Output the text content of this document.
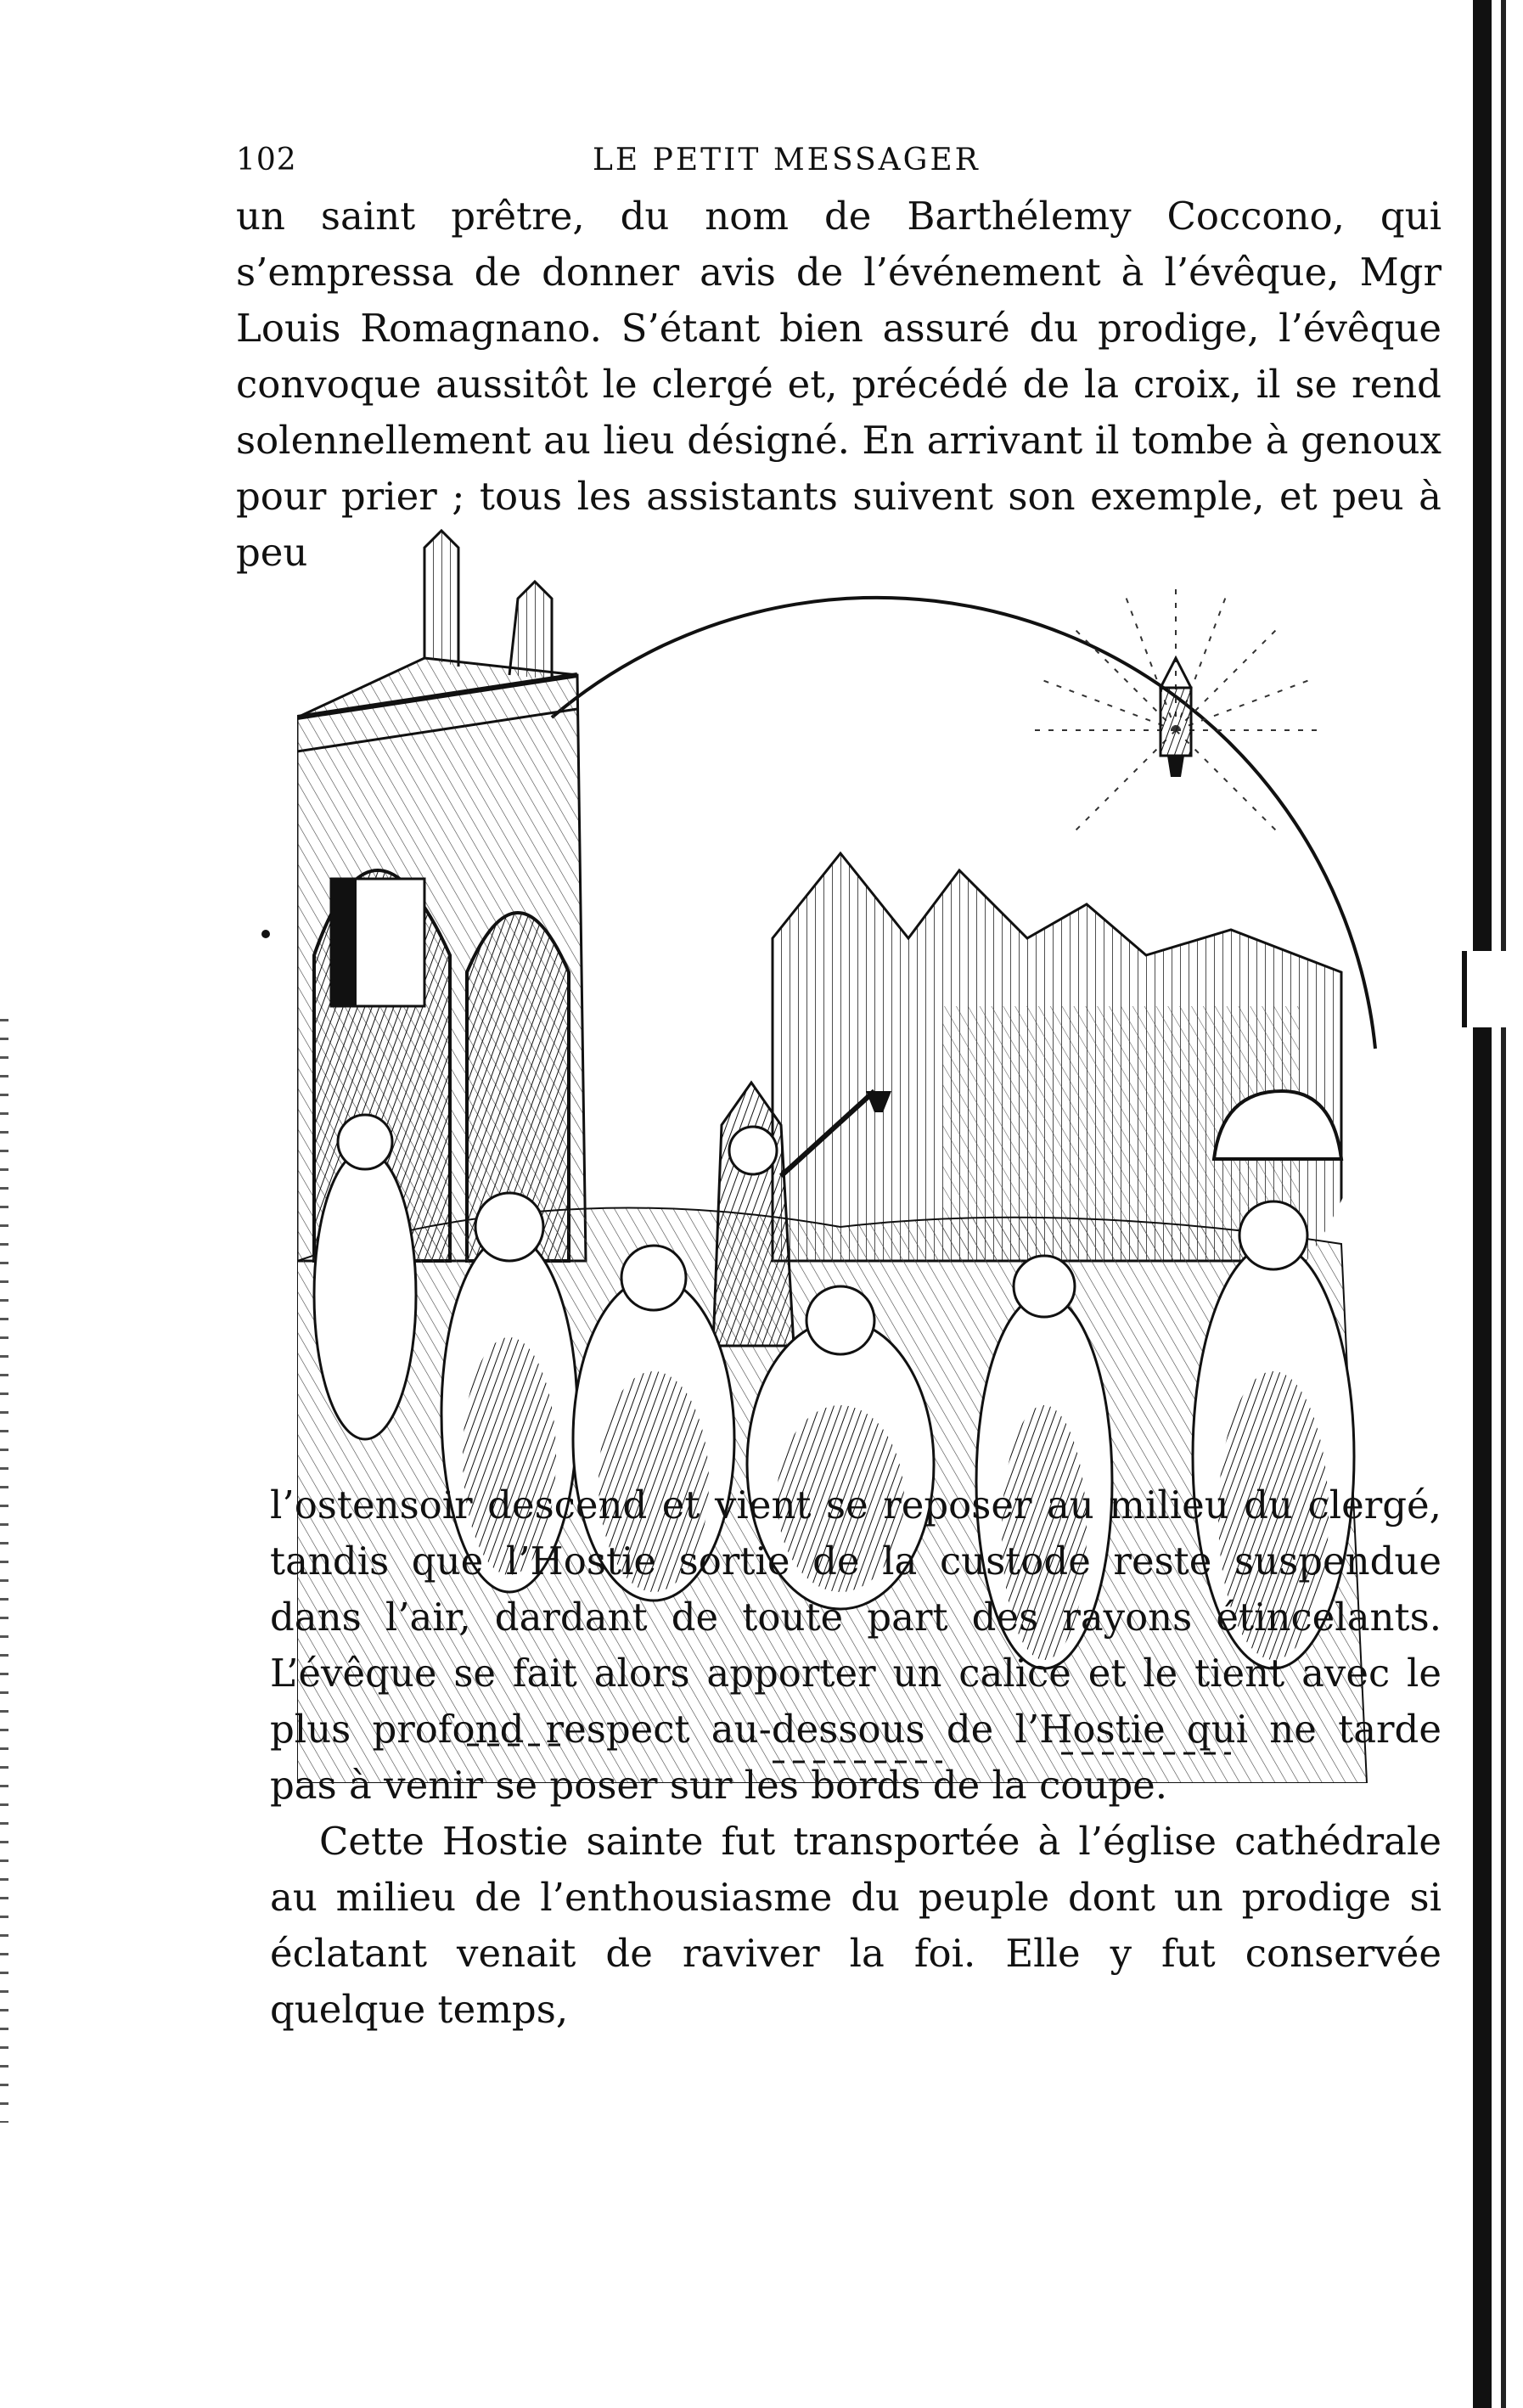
102	LE PETIT MESSAGER

un saint prêtre, du nom de Barthélemy Coccono, qui s’empressa de donner avis de l’événement à l’évêque, Mgr Louis Romagnano. S’étant bien assuré du prodige, l’évêque convoque aussitôt le clergé et, précédé de la croix, il se rend solennellement au lieu désigné. En arrivant il tombe à genoux pour prier ; tous les assistants suivent son exemple, et peu à peu

l’ostensoir descend et vient se reposer au milieu du clergé, tandis que l’Hostie sortie de la custode reste suspendue dans l’air, dardant de toute part des rayons étincelants. L’évêque se fait alors apporter un calice et le tient avec le plus profond respect au-dessous de l’Hostie qui ne tarde pas à venir se poser sur les bords de la coupe.

Cette Hostie sainte fut transportée à l’église cathédrale au milieu de l’enthousiasme du peuple dont un prodige si éclatant venait de raviver la foi. Elle y fut conservée quelque temps,
